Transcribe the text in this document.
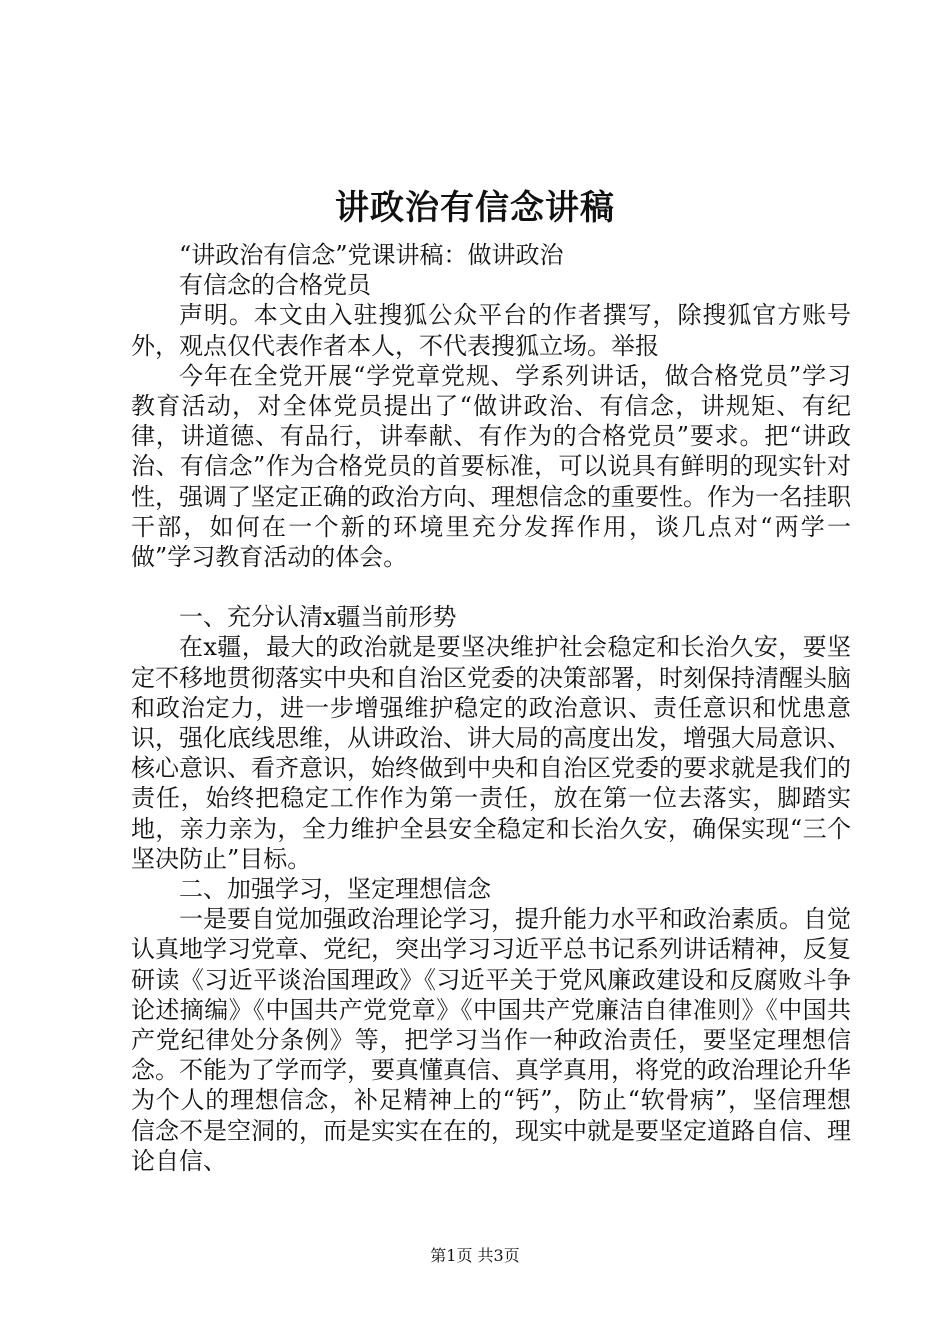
讲政治有信念讲稿

“讲政治有信念”党课讲稿：做讲政治

有信念的合格党员

声明。本文由入驻搜狐公众平台的作者撰写，除搜狐官方账号外，观点仅代表作者本人，不代表搜狐立场。举报

今年在全党开展“学党章党规、学系列讲话，做合格党员”学习教育活动，对全体党员提出了“做讲政治、有信念，讲规矩、有纪律，讲道德、有品行，讲奉献、有作为的合格党员”要求。把“讲政治、有信念”作为合格党员的首要标准，可以说具有鲜明的现实针对性，强调了坚定正确的政治方向、理想信念的重要性。作为一名挂职干部，如何在一个新的环境里充分发挥作用，谈几点对“两学一做”学习教育活动的体会。

一、充分认清x疆当前形势

在x疆，最大的政治就是要坚决维护社会稳定和长治久安，要坚定不移地贯彻落实中央和自治区党委的决策部署，时刻保持清醒头脑和政治定力，进一步增强维护稳定的政治意识、责任意识和忧患意识，强化底线思维，从讲政治、讲大局的高度出发，增强大局意识、核心意识、看齐意识，始终做到中央和自治区党委的要求就是我们的责任，始终把稳定工作作为第一责任，放在第一位去落实，脚踏实地，亲力亲为，全力维护全县安全稳定和长治久安，确保实现“三个坚决防止”目标。

二、加强学习，坚定理想信念

一是要自觉加强政治理论学习，提升能力水平和政治素质。自觉认真地学习党章、党纪，突出学习习近平总书记系列讲话精神，反复研读《习近平谈治国理政》《习近平关于党风廉政建设和反腐败斗争论述摘编》《中国共产党党章》《中国共产党廉洁自律准则》《中国共产党纪律处分条例》等，把学习当作一种政治责任，要坚定理想信念。不能为了学而学，要真懂真信、真学真用，将党的政治理论升华为个人的理想信念，补足精神上的“钙”，防止“软骨病”，坚信理想信念不是空洞的，而是实实在在的，现实中就是要坚定道路自信、理论自信、

第1页 共3页
